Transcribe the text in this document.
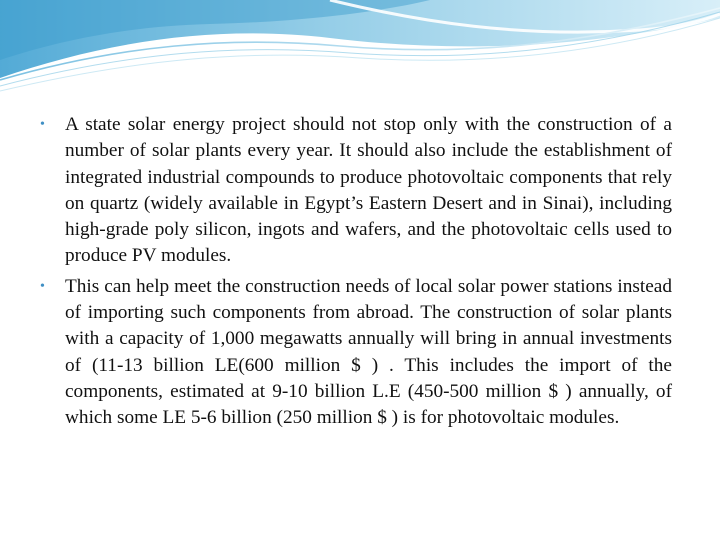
• A state solar energy project should not stop only with the construction of a number of solar plants every year. It should also include the establishment of integrated industrial compounds to produce photovoltaic components that rely on quartz (widely available in Egypt’s Eastern Desert and in Sinai), including high-grade poly silicon, ingots and wafers, and the photovoltaic cells used to produce PV modules.
• This can help meet the construction needs of local solar power stations instead of importing such components from abroad. The construction of solar plants with a capacity of 1,000 megawatts annually will bring in annual investments of (11-13 billion LE(600 million $ ) . This includes the import of the components, estimated at 9-10 billion L.E (450-500 million $ ) annually, of which some LE 5-6 billion (250 million $ ) is for photovoltaic modules.
